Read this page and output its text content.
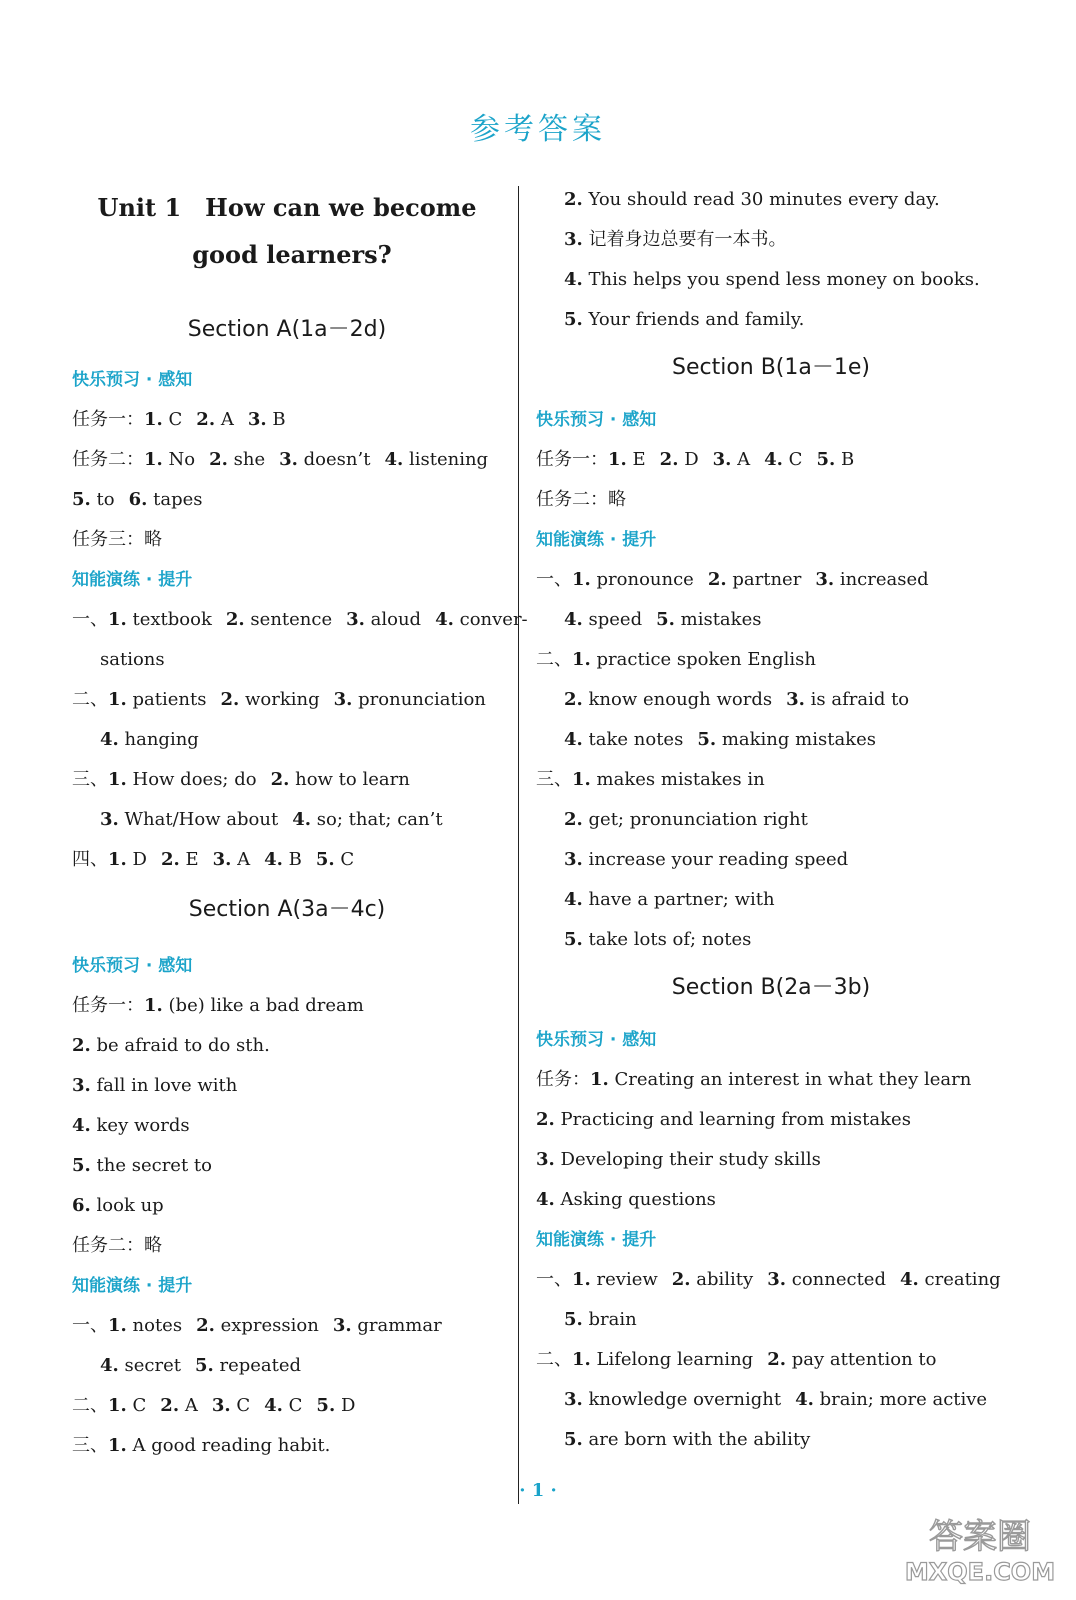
参考答案
Unit 1 How can we become
good learners?
Section A(1a－2d)
快乐预习 · 感知
任务一：1. C 2. A 3. B
任务二：1. No 2. she 3. doesn’t 4. listening
5. to 6. tapes
任务三：略
知能演练 · 提升
一、1. textbook 2. sentence 3. aloud 4. conver-
sations
二、1. patients 2. working 3. pronunciation
4. hanging
三、1. How does; do 2. how to learn
3. What/How about 4. so; that; can’t
四、1. D 2. E 3. A 4. B 5. C
Section A(3a－4c)
快乐预习 · 感知
任务一：1. (be) like a bad dream
2. be afraid to do sth.
3. fall in love with
4. key words
5. the secret to
6. look up
任务二：略
知能演练 · 提升
一、1. notes 2. expression 3. grammar
4. secret 5. repeated
二、1. C 2. A 3. C 4. C 5. D
三、1. A good reading habit.
2. You should read 30 minutes every day.
3. 记着身边总要有一本书。
4. This helps you spend less money on books.
5. Your friends and family.
Section B(1a－1e)
快乐预习 · 感知
任务一：1. E 2. D 3. A 4. C 5. B
任务二：略
知能演练 · 提升
一、1. pronounce 2. partner 3. increased
4. speed 5. mistakes
二、1. practice spoken English
2. know enough words 3. is afraid to
4. take notes 5. making mistakes
三、1. makes mistakes in
2. get; pronunciation right
3. increase your reading speed
4. have a partner; with
5. take lots of; notes
Section B(2a－3b)
快乐预习 · 感知
任务：1. Creating an interest in what they learn
2. Practicing and learning from mistakes
3. Developing their study skills
4. Asking questions
知能演练 · 提升
一、1. review 2. ability 3. connected 4. creating
5. brain
二、1. Lifelong learning 2. pay attention to
3. knowledge overnight 4. brain; more active
5. are born with the ability
· 1 ·
答案圈
MXQE.COM
